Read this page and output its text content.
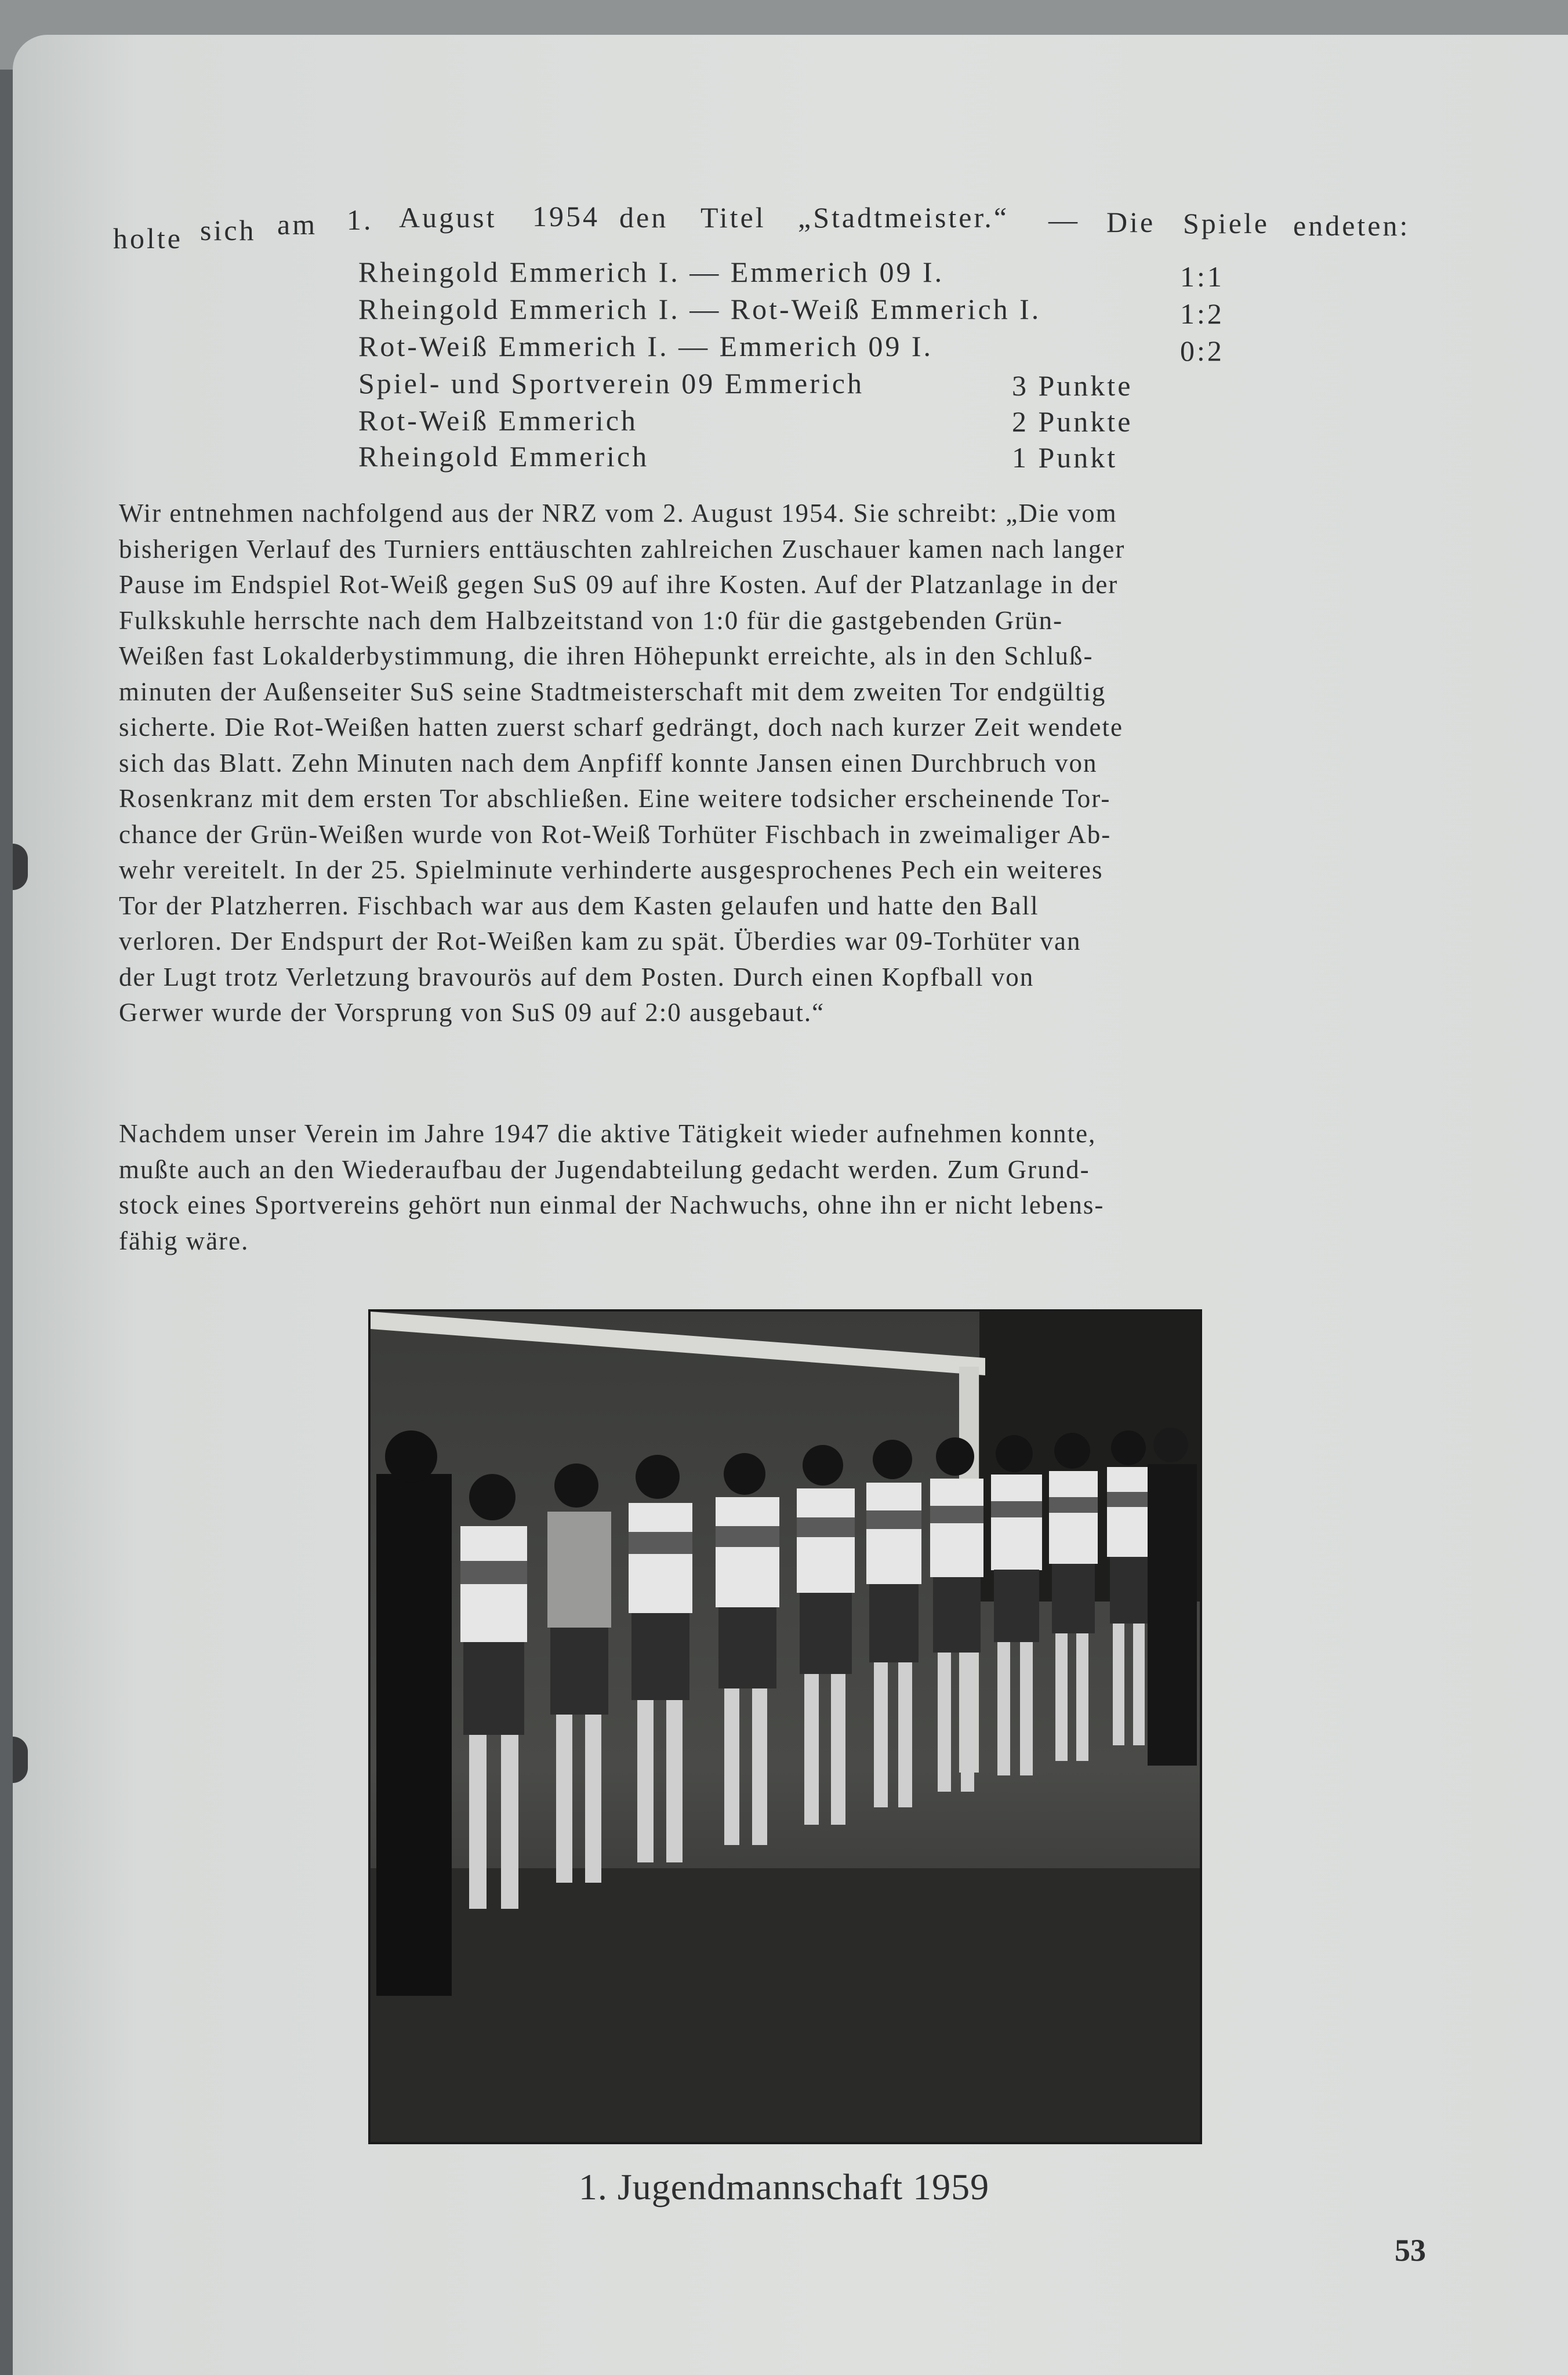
holte sich am 1. August 1954 den Titel „Stadtmeister.“ — Die Spiele endeten:
Rheingold Emmerich I. — Emmerich 09 I.	1:1
Rheingold Emmerich I. — Rot-Weiß Emmerich I.	1:2
Rot-Weiß Emmerich I. — Emmerich 09 I.	0:2
Spiel- und Sportverein 09 Emmerich	3 Punkte
Rot-Weiß Emmerich	2 Punkte
Rheingold Emmerich	1 Punkt
Wir entnehmen nachfolgend aus der NRZ vom 2. August 1954. Sie schreibt: „Die vom
bisherigen Verlauf des Turniers enttäuschten zahlreichen Zuschauer kamen nach langer
Pause im Endspiel Rot-Weiß gegen SuS 09 auf ihre Kosten. Auf der Platzanlage in der
Fulkskuhle herrschte nach dem Halbzeitstand von 1:0 für die gastgebenden Grün-
Weißen fast Lokalderbystimmung, die ihren Höhepunkt erreichte, als in den Schluß-
minuten der Außenseiter SuS seine Stadtmeisterschaft mit dem zweiten Tor endgültig
sicherte. Die Rot-Weißen hatten zuerst scharf gedrängt, doch nach kurzer Zeit wendete
sich das Blatt. Zehn Minuten nach dem Anpfiff konnte Jansen einen Durchbruch von
Rosenkranz mit dem ersten Tor abschließen. Eine weitere todsicher erscheinende Tor-
chance der Grün-Weißen wurde von Rot-Weiß Torhüter Fischbach in zweimaliger Ab-
wehr vereitelt. In der 25. Spielminute verhinderte ausgesprochenes Pech ein weiteres
Tor der Platzherren. Fischbach war aus dem Kasten gelaufen und hatte den Ball
verloren. Der Endspurt der Rot-Weißen kam zu spät. Überdies war 09-Torhüter van
der Lugt trotz Verletzung bravourös auf dem Posten. Durch einen Kopfball von
Gerwer wurde der Vorsprung von SuS 09 auf 2:0 ausgebaut.“
Nachdem unser Verein im Jahre 1947 die aktive Tätigkeit wieder aufnehmen konnte,
mußte auch an den Wiederaufbau der Jugendabteilung gedacht werden. Zum Grund-
stock eines Sportvereins gehört nun einmal der Nachwuchs, ohne ihn er nicht lebens-
fähig wäre.
1. Jugendmannschaft 1959
53
